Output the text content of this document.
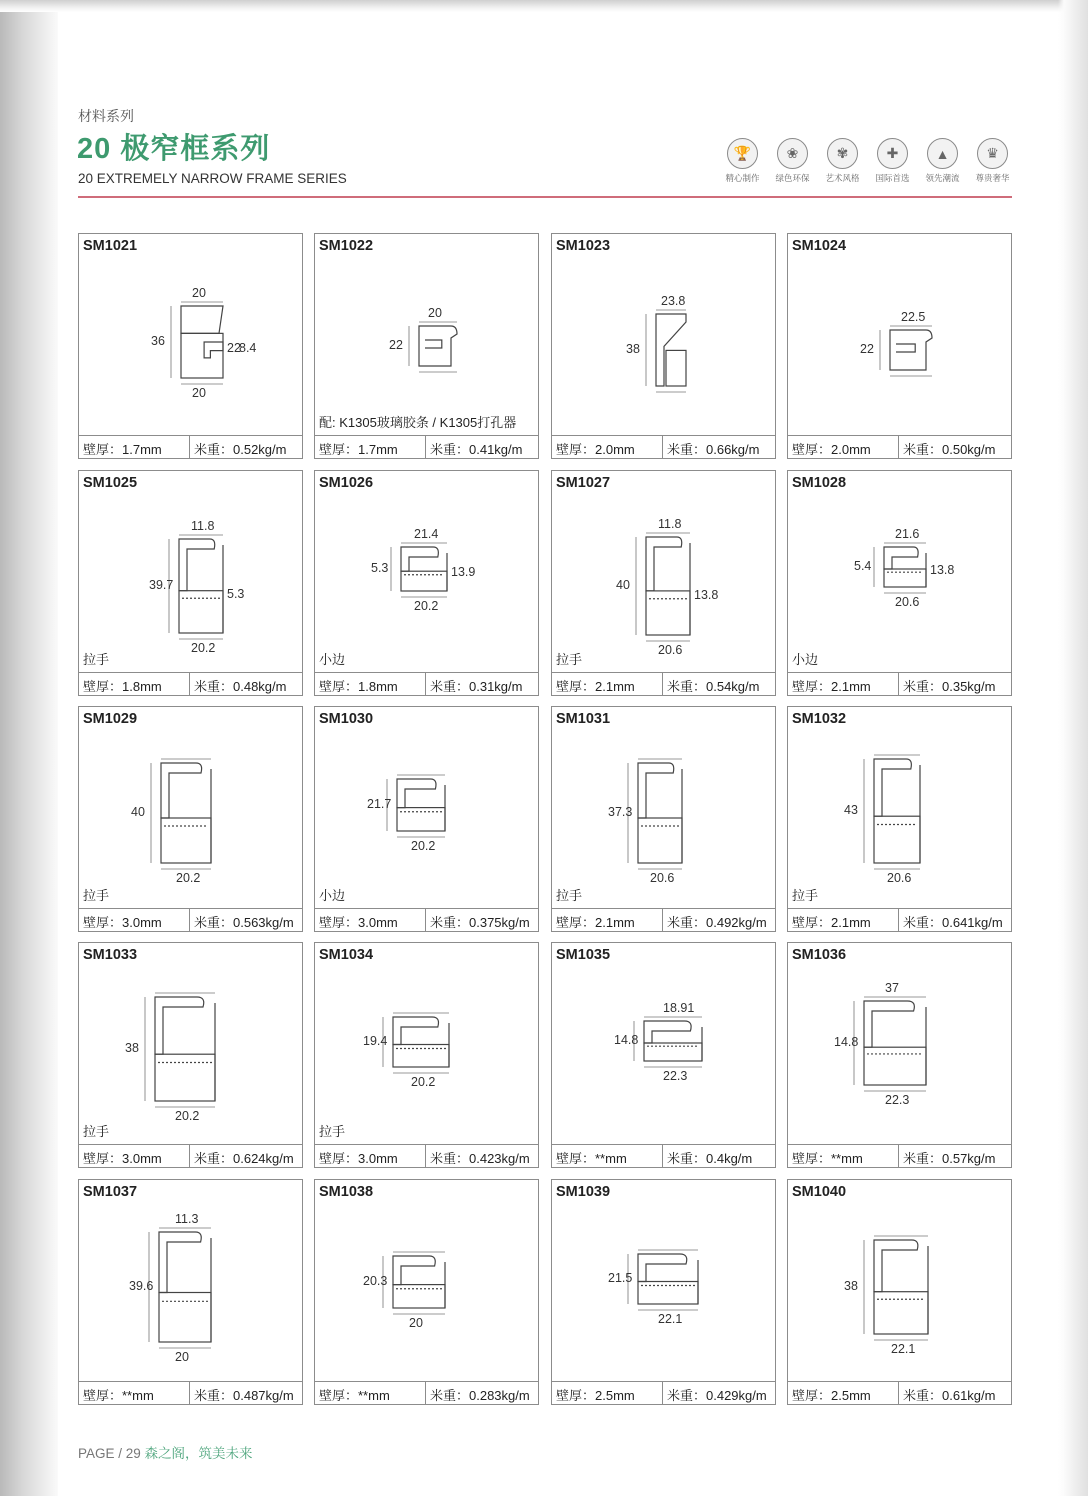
材料系列
20 极窄框系列
20 EXTREMELY NARROW FRAME SERIES
🏆
精心制作
❀
绿色环保
✾
艺术风格
✚
国际首选
▲
领先潮流
♛
尊贵奢华
SM1021
20
36
22
8.4
20
壁厚：1.7mm	米重：0.52kg/m
SM1022
20
22
配: K1305玻璃胶条 / K1305打孔器
壁厚：1.7mm	米重：0.41kg/m
SM1023
23.8
38
壁厚：2.0mm	米重：0.66kg/m
SM1024
22.5
22
壁厚：2.0mm	米重：0.50kg/m
SM1025
11.8
39.7
5.3
20.2
拉手
壁厚：1.8mm	米重：0.48kg/m
SM1026
21.4
5.3	13.9
20.2
小边
壁厚：1.8mm	米重：0.31kg/m
SM1027
11.8
40
13.8
20.6
拉手
壁厚：2.1mm	米重：0.54kg/m
SM1028
21.6
5.4	13.8
20.6
小边
壁厚：2.1mm	米重：0.35kg/m
SM1029
40
20.2
拉手
壁厚：3.0mm	米重：0.563kg/m
SM1030
21.7
20.2
小边
壁厚：3.0mm	米重：0.375kg/m
SM1031
37.3
20.6
拉手
壁厚：2.1mm	米重：0.492kg/m
SM1032
43
20.6
拉手
壁厚：2.1mm	米重：0.641kg/m
SM1033
38
20.2
拉手
壁厚：3.0mm	米重：0.624kg/m
SM1034
19.4
20.2
拉手
壁厚：3.0mm	米重：0.423kg/m
SM1035
18.91
14.8
22.3
壁厚：**mm	米重：0.4kg/m
SM1036
37
14.8
22.3
壁厚：**mm	米重：0.57kg/m
SM1037
11.3
39.6
20
壁厚：**mm	米重：0.487kg/m
SM1038
20.3
20
壁厚：**mm	米重：0.283kg/m
SM1039
21.5
22.1
壁厚：2.5mm	米重：0.429kg/m
SM1040
38
22.1
壁厚：2.5mm	米重：0.61kg/m
PAGE / 29 森之阁，筑美未来
